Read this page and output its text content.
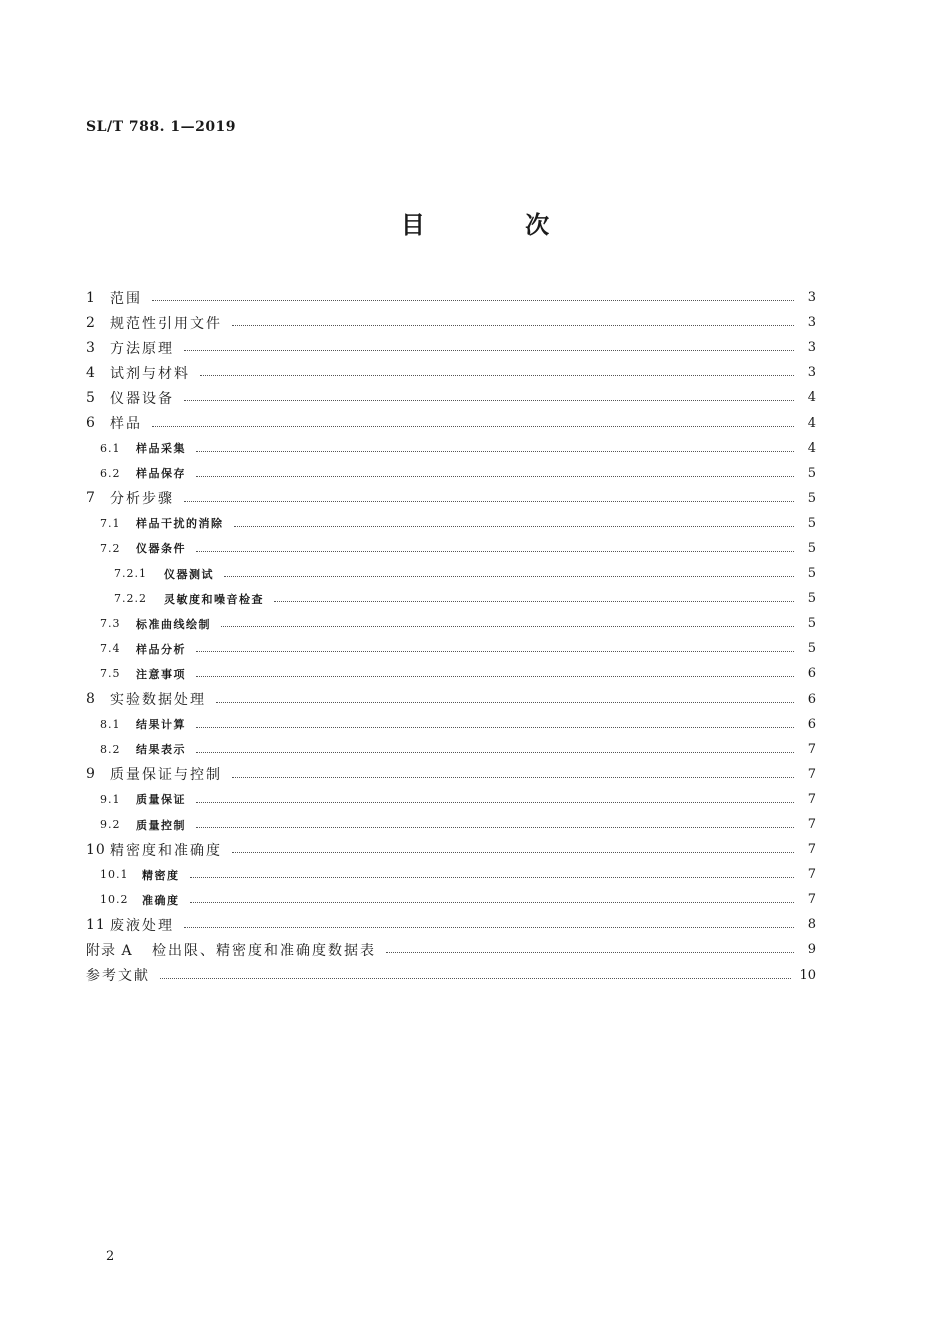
SL/T 788. 1—2019
目 次
1	范围	3
2	规范性引用文件	3
3	方法原理	3
4	试剂与材料	3
5	仪器设备	4
6	样品	4
6.1	样品采集	4
6.2	样品保存	5
7	分析步骤	5
7.1	样品干扰的消除	5
7.2	仪器条件	5
7.2.1	仪器测试	5
7.2.2	灵敏度和噪音检查	5
7.3	标准曲线绘制	5
7.4	样品分析	5
7.5	注意事项	6
8	实验数据处理	6
8.1	结果计算	6
8.2	结果表示	7
9	质量保证与控制	7
9.1	质量保证	7
9.2	质量控制	7
10 精密度和准确度	7
10.1	精密度	7
10.2	准确度	7
11 废液处理	8
附录 A	检出限、精密度和准确度数据表	9
参考文献	10
2
